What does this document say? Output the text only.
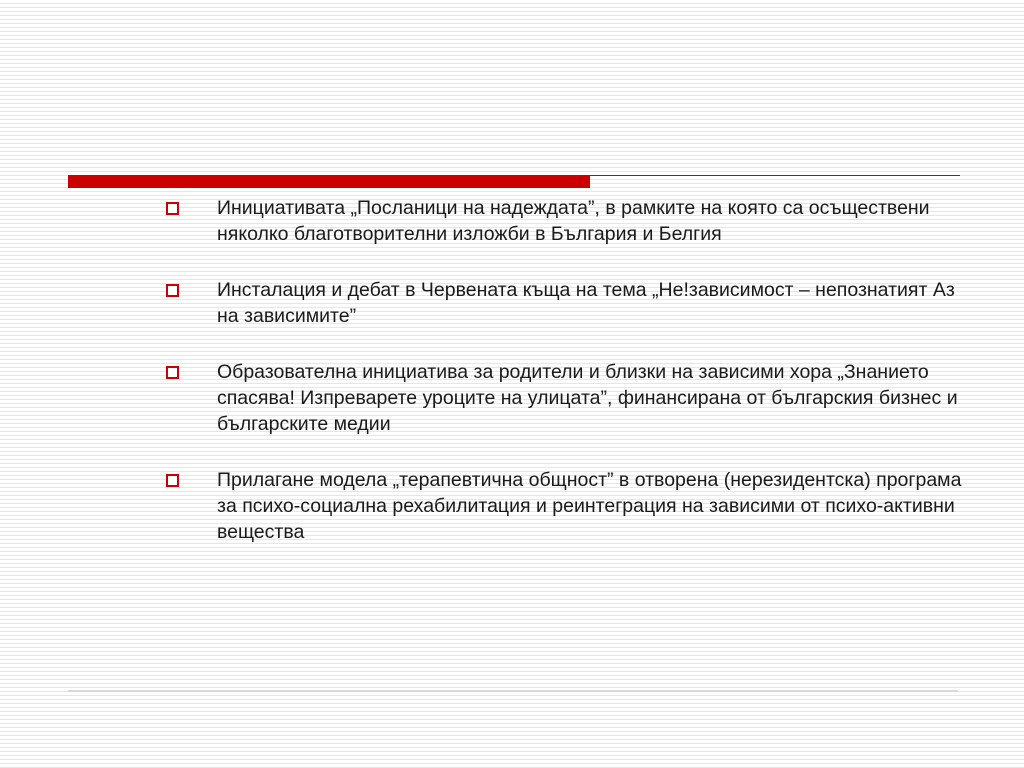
Инициативата „Посланици на надеждата”, в рамките на която са осъществени няколко благотворителни изложби в България и Белгия
Инсталация и дебат в Червената къща на тема „Не!зависимост – непознатият Аз на зависимите”
Образователна инициатива за родители и близки на зависими хора „Знанието спасява! Изпреварете уроците на улицата”, финансирана от българския бизнес и българските медии
Прилагане модела „терапевтична общност” в отворена (нерезидентска) програма за психо-социална рехабилитация и реинтеграция на зависими от психо-активни вещества
